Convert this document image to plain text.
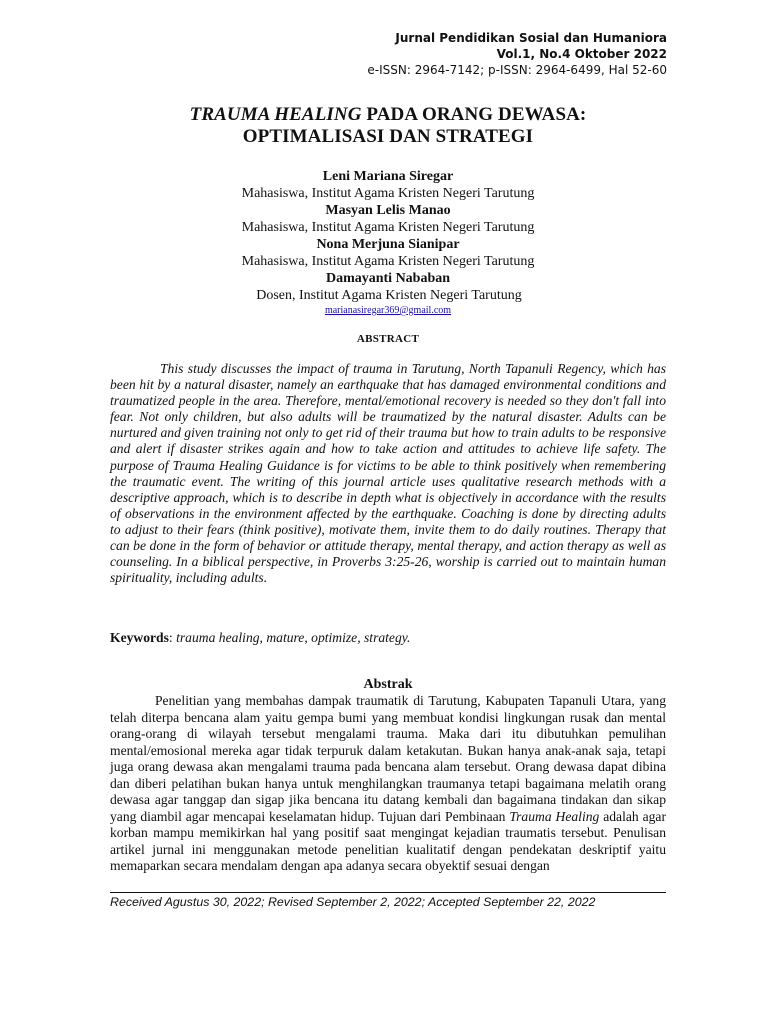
Jurnal Pendidikan Sosial dan Humaniora
Vol.1, No.4 Oktober 2022
e-ISSN: 2964-7142; p-ISSN: 2964-6499, Hal 52-60
TRAUMA HEALING PADA ORANG DEWASA:
OPTIMALISASI DAN STRATEGI
Leni Mariana Siregar
Mahasiswa, Institut Agama Kristen Negeri Tarutung
Masyan Lelis Manao
Mahasiswa, Institut Agama Kristen Negeri Tarutung
Nona Merjuna Sianipar
Mahasiswa, Institut Agama Kristen Negeri Tarutung
Damayanti Nababan
Dosen, Institut Agama Kristen Negeri Tarutung
marianasiregar369@gmail.com
ABSTRACT
This study discusses the impact of trauma in Tarutung, North Tapanuli Regency, which has been hit by a natural disaster, namely an earthquake that has damaged environmental conditions and traumatized people in the area. Therefore, mental/emotional recovery is needed so they don't fall into fear. Not only children, but also adults will be traumatized by the natural disaster. Adults can be nurtured and given training not only to get rid of their trauma but how to train adults to be responsive and alert if disaster strikes again and how to take action and attitudes to achieve life safety. The purpose of Trauma Healing Guidance is for victims to be able to think positively when remembering the traumatic event. The writing of this journal article uses qualitative research methods with a descriptive approach, which is to describe in depth what is objectively in accordance with the results of observations in the environment affected by the earthquake. Coaching is done by directing adults to adjust to their fears (think positive), motivate them, invite them to do daily routines. Therapy that can be done in the form of behavior or attitude therapy, mental therapy, and action therapy as well as counseling. In a biblical perspective, in Proverbs 3:25-26, worship is carried out to maintain human spirituality, including adults.
Keywords: trauma healing, mature, optimize, strategy.
Abstrak
Penelitian yang membahas dampak traumatik di Tarutung, Kabupaten Tapanuli Utara, yang telah diterpa bencana alam yaitu gempa bumi yang membuat kondisi lingkungan rusak dan mental orang-orang di wilayah tersebut mengalami trauma. Maka dari itu dibutuhkan pemulihan mental/emosional mereka agar tidak terpuruk dalam ketakutan. Bukan hanya anak-anak saja, tetapi juga orang dewasa akan mengalami trauma pada bencana alam tersebut. Orang dewasa dapat dibina dan diberi pelatihan bukan hanya untuk menghilangkan traumanya tetapi bagaimana melatih orang dewasa agar tanggap dan sigap jika bencana itu datang kembali dan bagaimana tindakan dan sikap yang diambil agar mencapai keselamatan hidup. Tujuan dari Pembinaan Trauma Healing adalah agar korban mampu memikirkan hal yang positif saat mengingat kejadian traumatis tersebut. Penulisan artikel jurnal ini menggunakan metode penelitian kualitatif dengan pendekatan deskriptif yaitu memaparkan secara mendalam dengan apa adanya secara obyektif sesuai dengan
Received Agustus 30, 2022; Revised September 2, 2022; Accepted September 22, 2022
